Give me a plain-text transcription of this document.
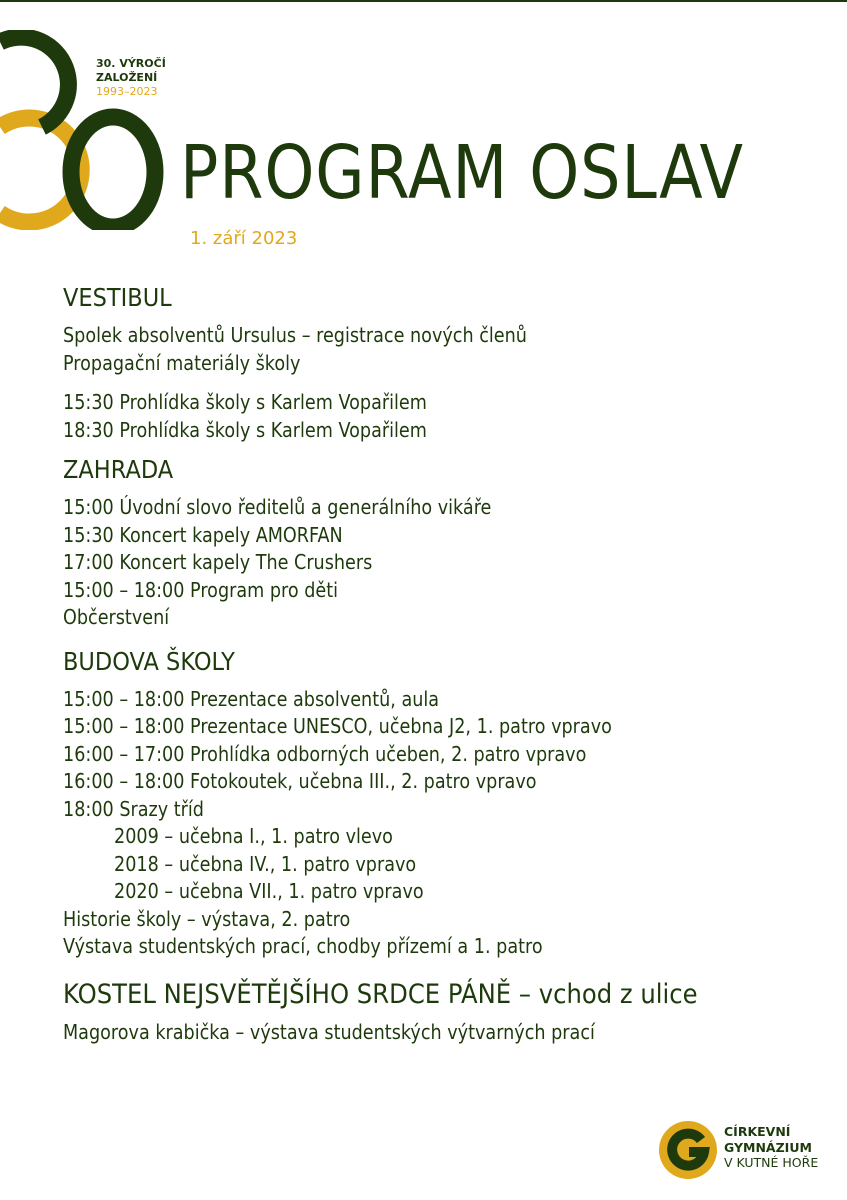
30. VÝROČÍ
ZALOŽENÍ
1993–2023
PROGRAM OSLAV
1. září 2023
VESTIBUL
Spolek absolventů Ursulus – registrace nových členů
Propagační materiály školy
15:30 Prohlídka školy s Karlem Vopařilem
18:30 Prohlídka školy s Karlem Vopařilem
ZAHRADA
15:00 Úvodní slovo ředitelů a generálního vikáře
15:30 Koncert kapely AMORFAN
17:00 Koncert kapely The Crushers
15:00 – 18:00 Program pro děti
Občerstvení
BUDOVA ŠKOLY
15:00 – 18:00 Prezentace absolventů, aula
15:00 – 18:00 Prezentace UNESCO, učebna J2, 1. patro vpravo
16:00 – 17:00 Prohlídka odborných učeben, 2. patro vpravo
16:00 – 18:00 Fotokoutek, učebna III., 2. patro vpravo
18:00 Srazy tříd
2009 – učebna I., 1. patro vlevo
2018 – učebna IV., 1. patro vpravo
2020 – učebna VII., 1. patro vpravo
Historie školy – výstava, 2. patro
Výstava studentských prací, chodby přízemí a 1. patro
KOSTEL NEJSVĚTĚJŠÍHO SRDCE PÁNĚ – vchod z ulice
Magorova krabička – výstava studentských výtvarných prací
CÍRKEVNÍ
GYMNÁZIUM
V KUTNÉ HOŘE
